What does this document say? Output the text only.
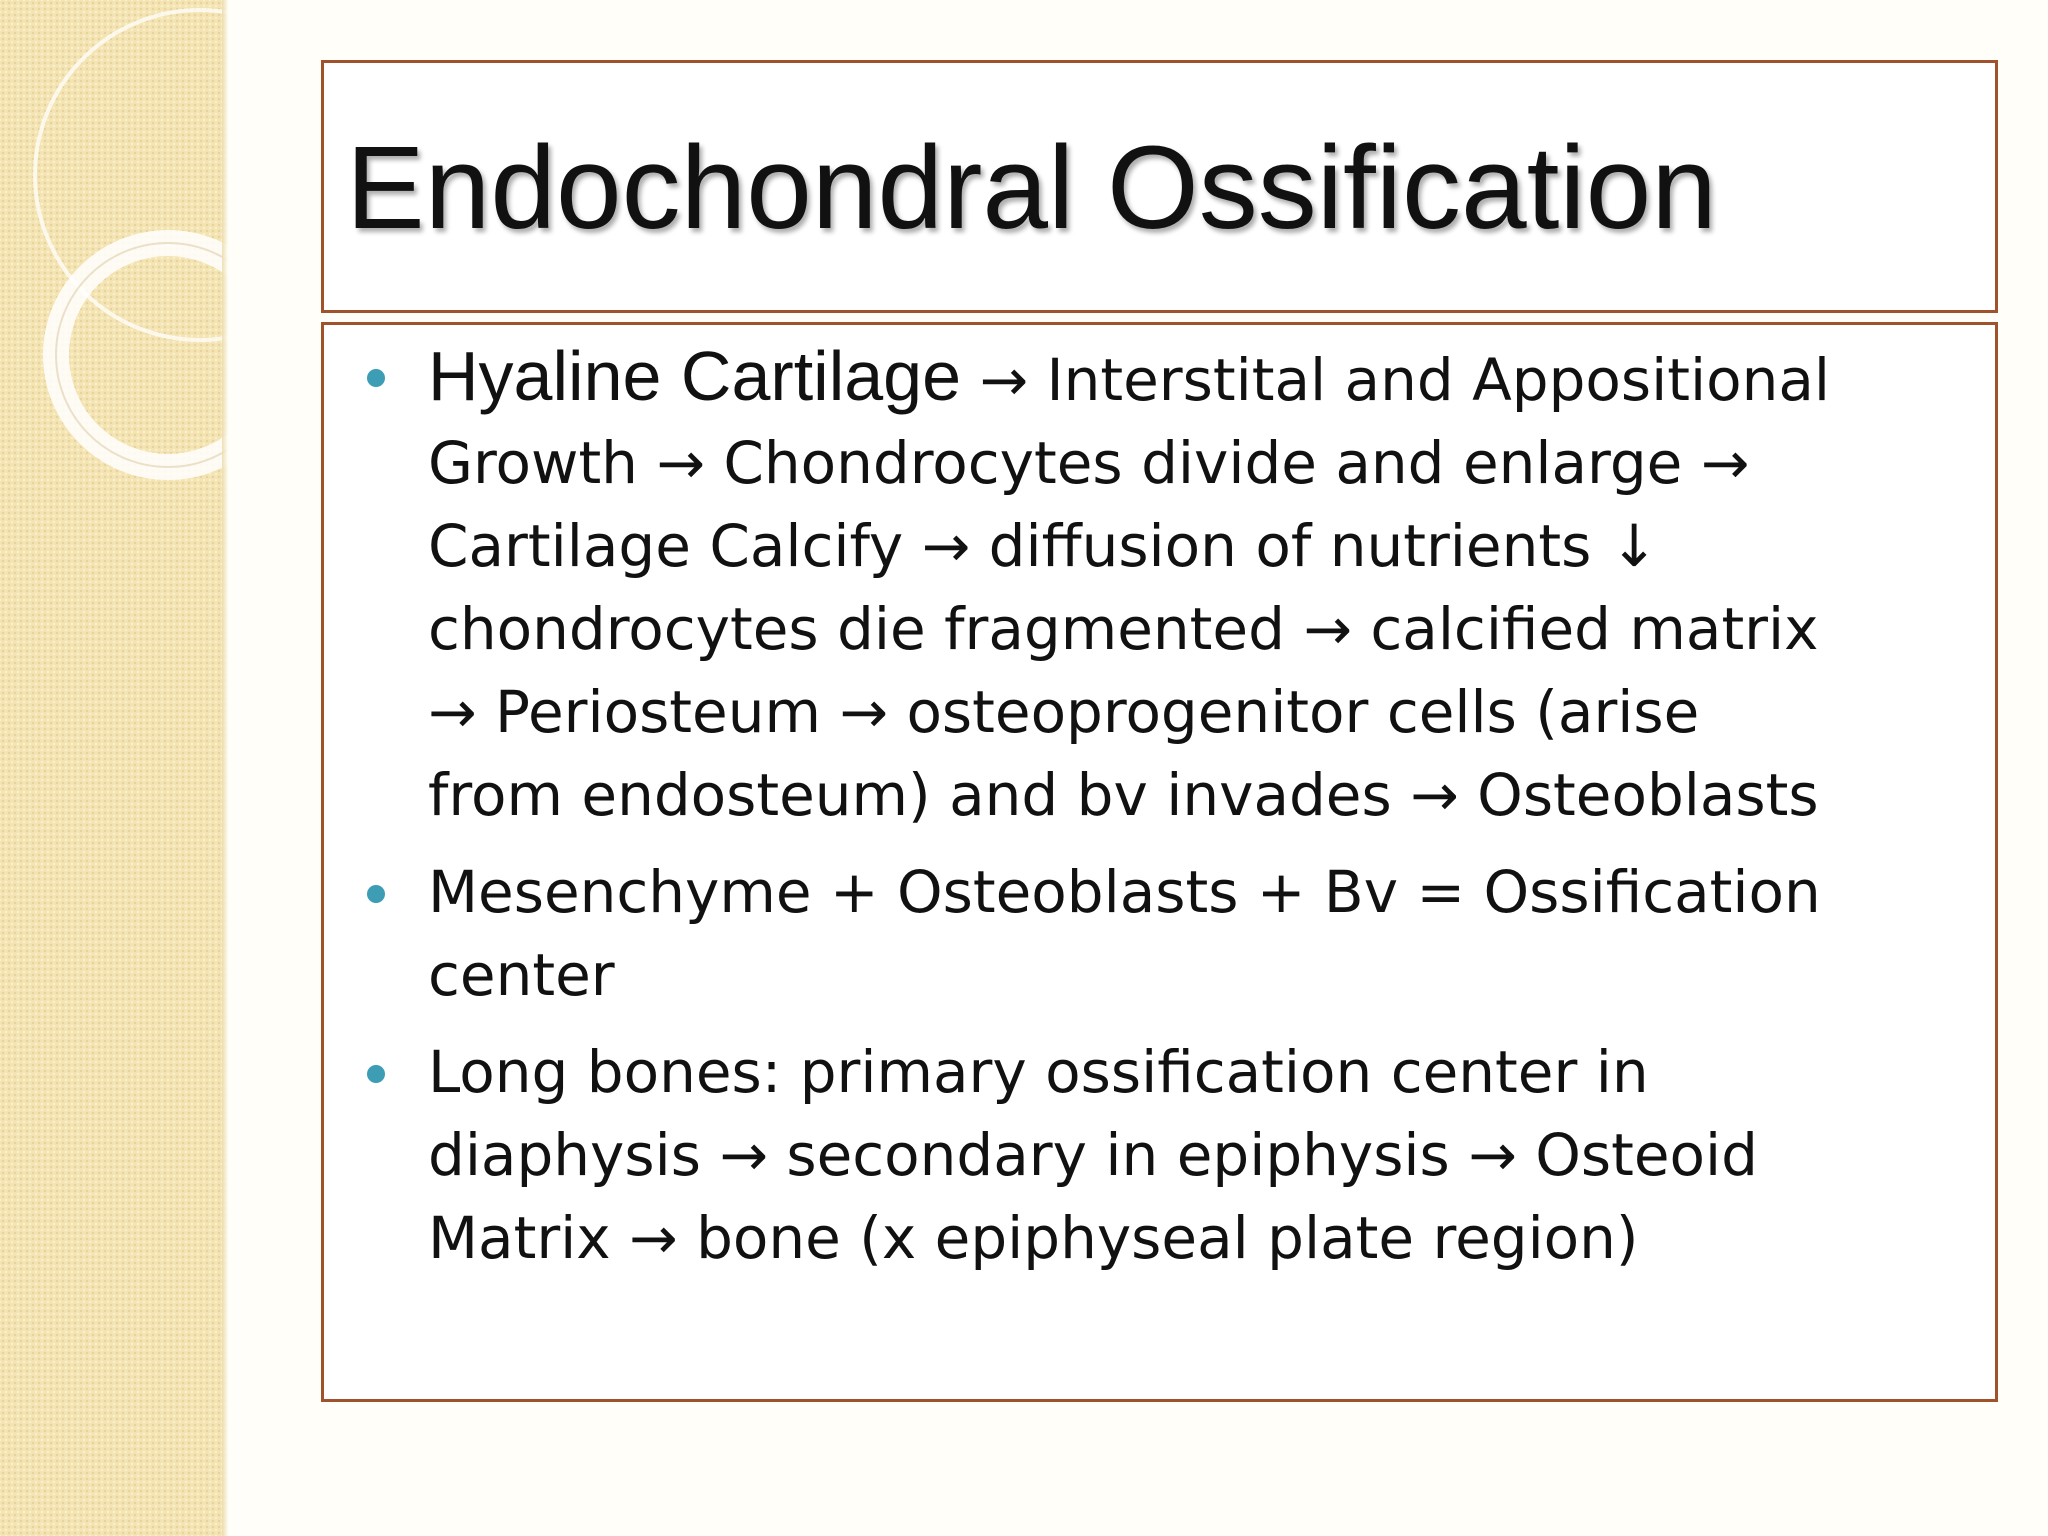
Endochondral Ossification
Hyaline Cartilage → Interstital and Appositional
Growth → Chondrocytes divide and enlarge →
Cartilage Calcify → diffusion of nutrients ↓
chondrocytes die fragmented → calcified matrix
→ Periosteum → osteoprogenitor cells (arise
from endosteum) and bv invades → Osteoblasts
Mesenchyme + Osteoblasts + Bv = Ossification
center
Long bones: primary ossification center in
diaphysis → secondary in epiphysis → Osteoid
Matrix → bone (x epiphyseal plate region)
